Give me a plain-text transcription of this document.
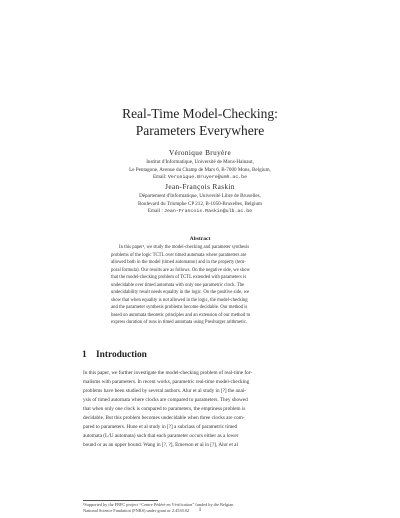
Real-Time Model-Checking:
Parameters Everywhere
Véronique Bruyère
Institut d'Informatique, Université de Mons-Hainaut,
Le Pentagone, Avenue du Champ de Mars 6, B-7000 Mons, Belgium,
Email: Veronique.Bruyere@umh.ac.be
Jean-François Raskin
Département d'Informatique, Université Libre de Bruxelles,
Boulevard du Triomphe CP 212, B-1050-Bruxelles, Belgium
Email : Jean-Francois.Raskin@ulb.ac.be
Abstract
In this paper¹, we study the model-checking and parameter synthesis
problems of the logic TCTL over timed automata where parameters are
allowed both in the model (timed automaton) and in the property (tem-
poral formula). Our results are as follows. On the negative side, we show
that the model-checking problem of TCTL extended with parameters is
undecidable over timed automata with only one parametric clock. The
undecidability result needs equality in the logic. On the positive side, we
show that when equality is not allowed in the logic, the model-checking
and the parameter synthesis problems become decidable. Our method is
based on automata theoretic principles and an extension of our method to
express duration of runs in timed automata using Presburger arithmetic.
1 Introduction
In this paper, we further investigate the model-checking problem of real-time for-
malisms with parameters. In recent works, parametric real-time model-checking
problems have been studied by several authors. Alur et al study in [?] the anal-
ysis of timed automata where clocks are compared to parameters. They showed
that when only one clock is compared to parameters, the emptiness problem is
decidable. But this problem becomes undecidable when three clocks are com-
pared to parameters. Hune et al study in [?] a subclass of parametric timed
automata (L/U automata) such that each parameter occurs either as a lower
bound or as an upper bound. Wang in [?, ?], Emerson et al in [?], Alur et al
¹Supported by the FRFC project “Centre Fédéré en Vérification” funded by the Belgian
National Science Fundation (FNRS) under grant nr 2.4530.02	1
